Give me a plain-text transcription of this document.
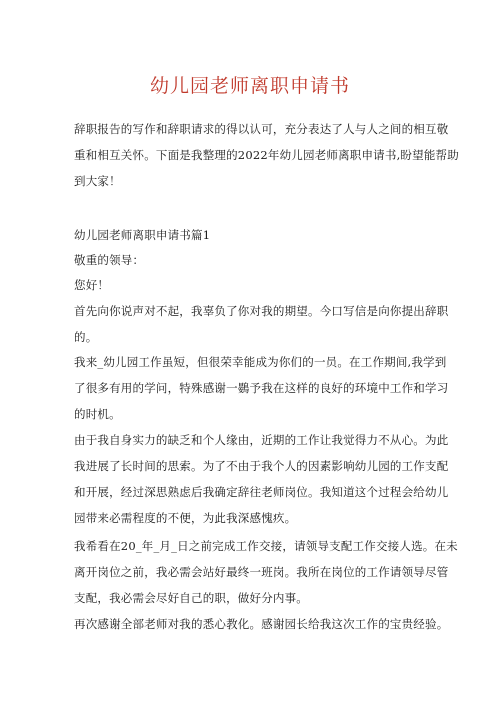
幼儿园老师离职申请书
辞职报告的写作和辞职请求的得以认可，充分表达了人与人之间的相互敬
重和相互关怀。下面是我整理的2022年幼儿园老师离职申请书,盼望能帮助
到大家！
幼儿园老师离职申请书篇1
敬重的领导：
您好！
首先向你说声对不起，我辜负了你对我的期望。今口写信是向你提出辞职
的。
我来_幼儿园工作虽短，但很荣幸能成为你们的一员。在工作期间,我学到
了很多有用的学问，特殊感谢一鷃予我在这样的良好的环境中工作和学习
的时机。
由于我自身实力的缺乏和个人缘由，近期的工作让我觉得力不从心。为此
我进展了长时间的思索。为了不由于我个人的因素影响幼儿园的工作支配
和开展，经过深思熟虑后我确定辞往老师岗位。我知道这个过程会给幼儿
园带来必需程度的不便，为此我深感愧疚。
我希看在20_年_月_日之前完成工作交接，请领导支配工作交接人选。在未
离开岗位之前，我必需会站好最终一班岗。我所在岗位的工作请领导尽管
支配，我必需会尽好自己的职，做好分内事。
再次感谢全部老师对我的悉心教化。感谢园长给我这次工作的宝贵经验。
